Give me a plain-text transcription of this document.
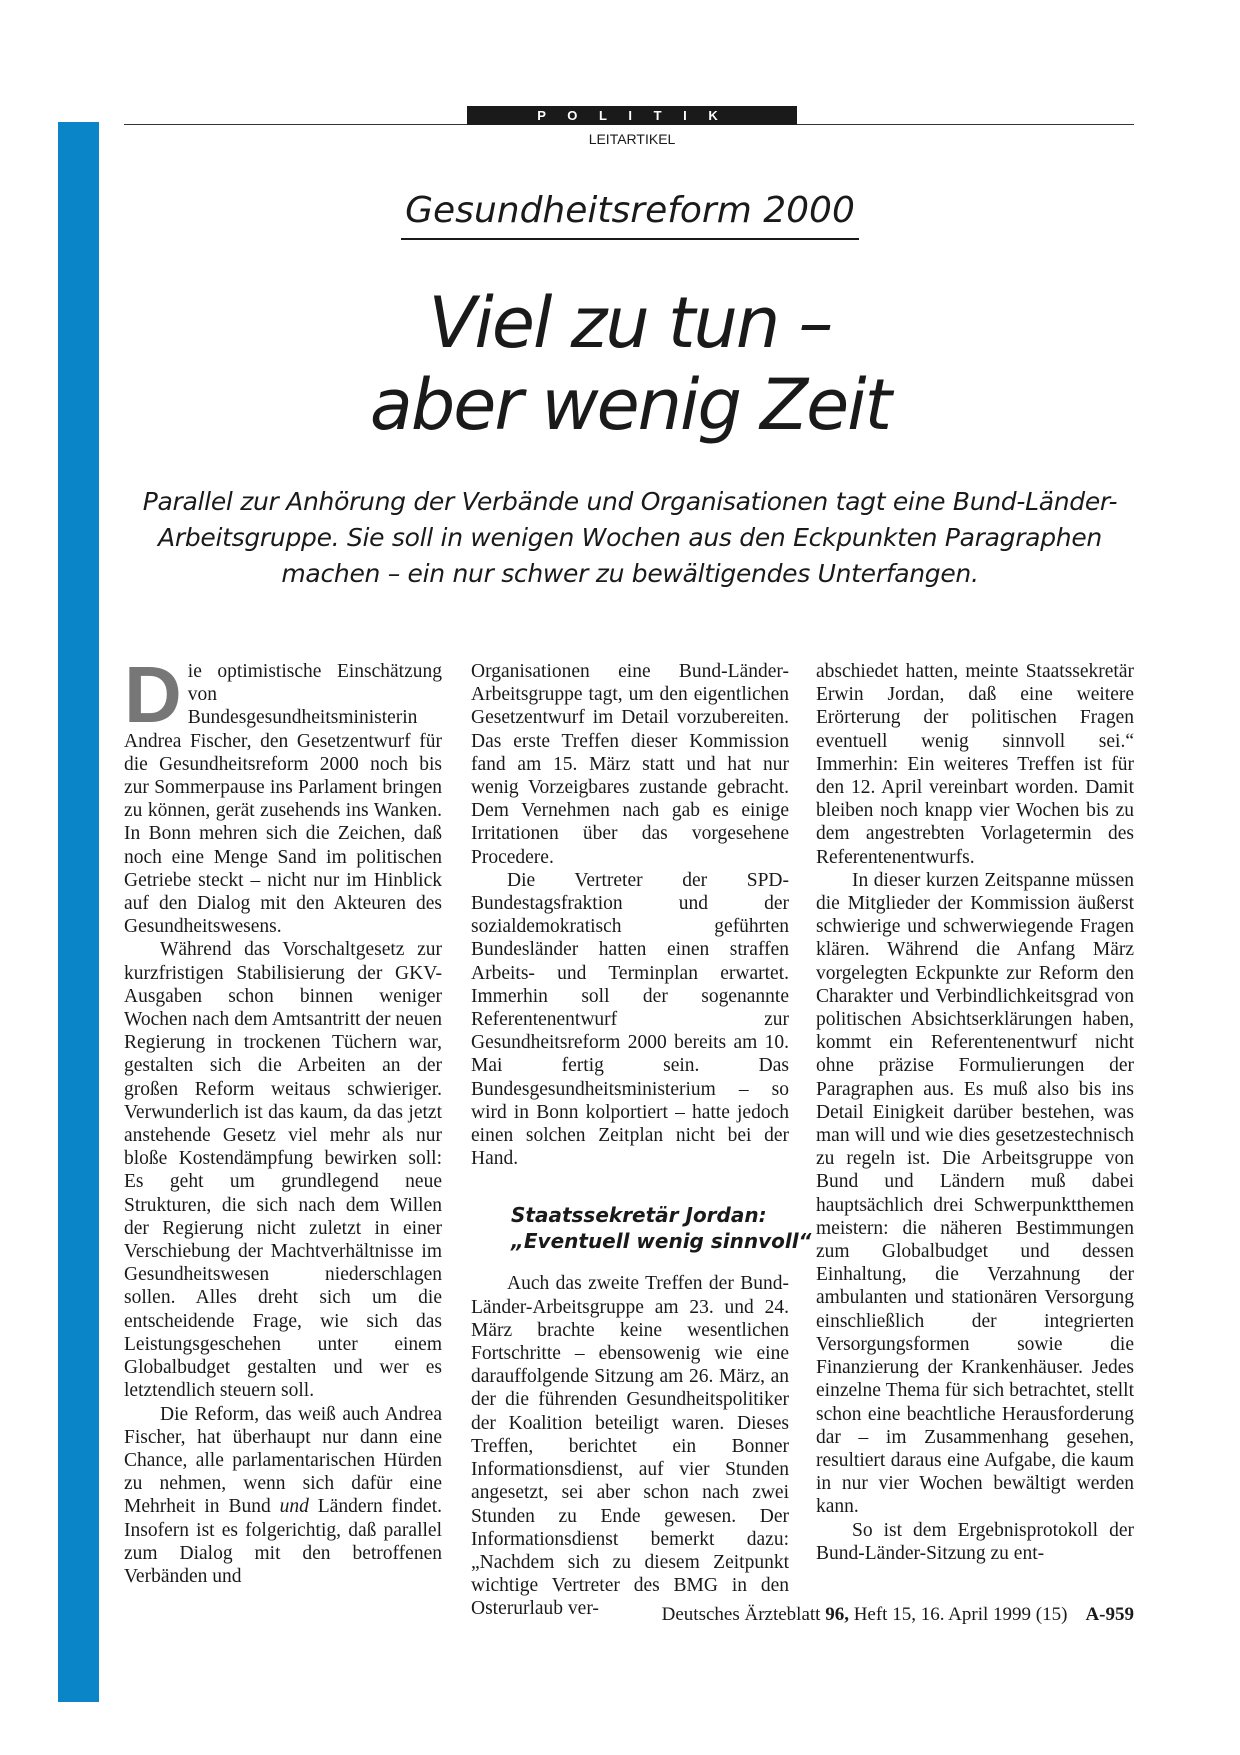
P O L I T I K
LEITARTIKEL
Gesundheitsreform 2000
Viel zu tun –
aber wenig Zeit
Parallel zur Anhörung der Verbände und Organisationen tagt eine Bund-Länder-
Arbeitsgruppe. Sie soll in wenigen Wochen aus den Eckpunkten Paragraphen
machen – ein nur schwer zu bewältigendes Unterfangen.

Die optimistische Einschätzung von Bundesgesundheitsministerin Andrea Fischer, den Gesetzentwurf für die Gesundheitsreform 2000 noch bis zur Sommerpause ins Parlament bringen zu können, gerät zusehends ins Wanken. In Bonn mehren sich die Zeichen, daß noch eine Menge Sand im politischen Getriebe steckt – nicht nur im Hinblick auf den Dialog mit den Akteuren des Gesundheitswesens.

Während das Vorschaltgesetz zur kurzfristigen Stabilisierung der GKV-Ausgaben schon binnen weniger Wochen nach dem Amtsantritt der neuen Regierung in trockenen Tüchern war, gestalten sich die Arbeiten an der großen Reform weitaus schwieriger. Verwunderlich ist das kaum, da das jetzt anstehende Gesetz viel mehr als nur bloße Kostendämpfung bewirken soll: Es geht um grundlegend neue Strukturen, die sich nach dem Willen der Regierung nicht zuletzt in einer Verschiebung der Machtverhältnisse im Gesundheitswesen niederschlagen sollen. Alles dreht sich um die entscheidende Frage, wie sich das Leistungsgeschehen unter einem Globalbudget gestalten und wer es letztendlich steuern soll.

Die Reform, das weiß auch Andrea Fischer, hat überhaupt nur dann eine Chance, alle parlamentarischen Hürden zu nehmen, wenn sich dafür eine Mehrheit in Bund und Ländern findet. Insofern ist es folgerichtig, daß parallel zum Dialog mit den betroffenen Verbänden und

Organisationen eine Bund-Länder-Arbeitsgruppe tagt, um den eigentlichen Gesetzentwurf im Detail vorzubereiten. Das erste Treffen dieser Kommission fand am 15. März statt und hat nur wenig Vorzeigbares zustande gebracht. Dem Vernehmen nach gab es einige Irritationen über das vorgesehene Procedere.

Die Vertreter der SPD-Bundestagsfraktion und der sozialdemokratisch geführten Bundesländer hatten einen straffen Arbeits- und Terminplan erwartet. Immerhin soll der sogenannte Referentenentwurf zur Gesundheitsreform 2000 bereits am 10. Mai fertig sein. Das Bundesgesundheitsministerium – so wird in Bonn kolportiert – hatte jedoch einen solchen Zeitplan nicht bei der Hand.

Staatssekretär Jordan:
„Eventuell wenig sinnvoll“

Auch das zweite Treffen der Bund-Länder-Arbeitsgruppe am 23. und 24. März brachte keine wesentlichen Fortschritte – ebensowenig wie eine darauffolgende Sitzung am 26. März, an der die führenden Gesundheitspolitiker der Koalition beteiligt waren. Dieses Treffen, berichtet ein Bonner Informationsdienst, auf vier Stunden angesetzt, sei aber schon nach zwei Stunden zu Ende gewesen. Der Informationsdienst bemerkt dazu: „Nachdem sich zu diesem Zeitpunkt wichtige Vertreter des BMG in den Osterurlaub ver-

abschiedet hatten, meinte Staatssekretär Erwin Jordan, daß eine weitere Erörterung der politischen Fragen eventuell wenig sinnvoll sei.“ Immerhin: Ein weiteres Treffen ist für den 12. April vereinbart worden. Damit bleiben noch knapp vier Wochen bis zu dem angestrebten Vorlagetermin des Referentenentwurfs.

In dieser kurzen Zeitspanne müssen die Mitglieder der Kommission äußerst schwierige und schwerwiegende Fragen klären. Während die Anfang März vorgelegten Eckpunkte zur Reform den Charakter und Verbindlichkeitsgrad von politischen Absichtserklärungen haben, kommt ein Referentenentwurf nicht ohne präzise Formulierungen der Paragraphen aus. Es muß also bis ins Detail Einigkeit darüber bestehen, was man will und wie dies gesetzestechnisch zu regeln ist. Die Arbeitsgruppe von Bund und Ländern muß dabei hauptsächlich drei Schwerpunktthemen meistern: die näheren Bestimmungen zum Globalbudget und dessen Einhaltung, die Verzahnung der ambulanten und stationären Versorgung einschließlich der integrierten Versorgungsformen sowie die Finanzierung der Krankenhäuser. Jedes einzelne Thema für sich betrachtet, stellt schon eine beachtliche Herausforderung dar – im Zusammenhang gesehen, resultiert daraus eine Aufgabe, die kaum in nur vier Wochen bewältigt werden kann.

So ist dem Ergebnisprotokoll der Bund-Länder-Sitzung zu ent-

Deutsches Ärzteblatt 96, Heft 15, 16. April 1999 (15) A-959
